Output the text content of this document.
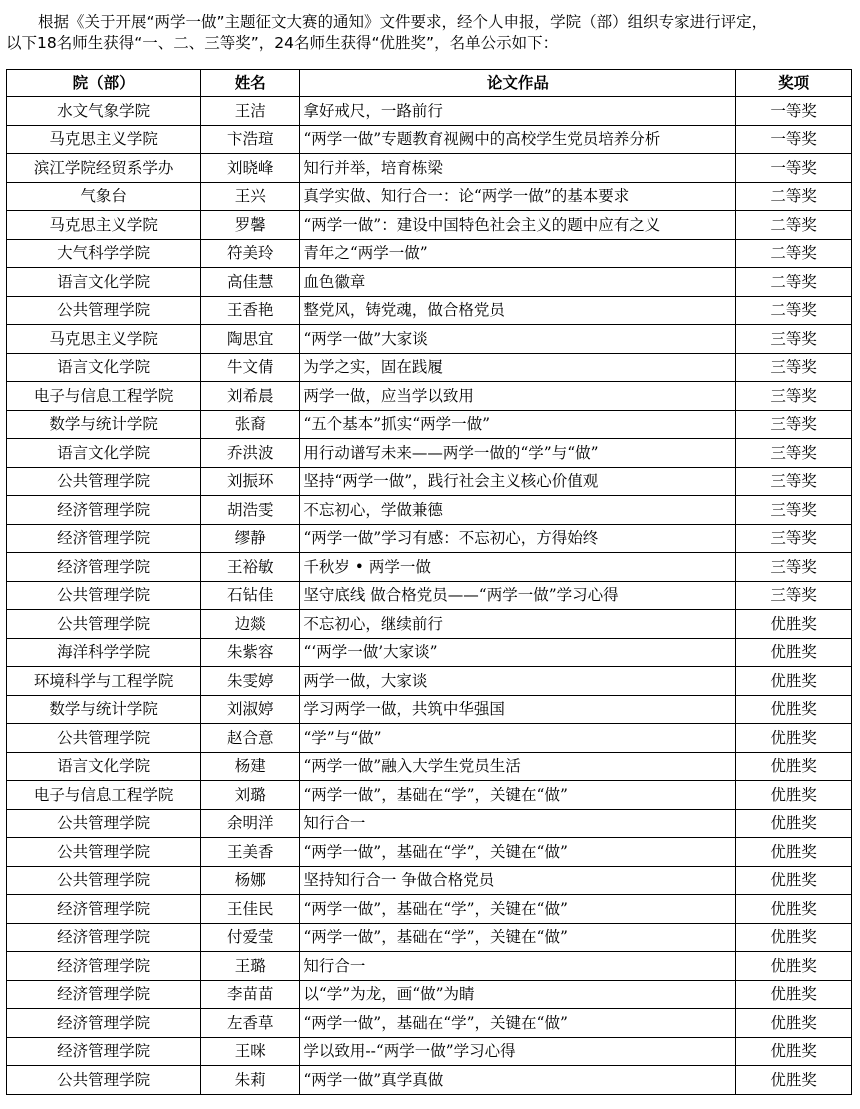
根据《关于开展“两学一做”主题征文大赛的通知》文件要求，经个人申报，学院（部）组织专家进行评定，

以下18名师生获得“一、二、三等奖”，24名师生获得“优胜奖”，名单公示如下：

院（部）	姓名	论文作品	奖项
水文气象学院	王洁	拿好戒尺，一路前行	一等奖
马克思主义学院	卞浩瑄	“两学一做”专题教育视阙中的高校学生党员培养分析	一等奖
滨江学院经贸系学办	刘晓峰	知行并举，培育栋梁	一等奖
气象台	王兴	真学实做、知行合一：论“两学一做”的基本要求	二等奖
马克思主义学院	罗馨	“两学一做”：建设中国特色社会主义的题中应有之义	二等奖
大气科学学院	符美玲	青年之“两学一做”	二等奖
语言文化学院	高佳慧	血色徽章	二等奖
公共管理学院	王香艳	整党风，铸党魂，做合格党员	二等奖
马克思主义学院	陶思宜	“两学一做”大家谈	三等奖
语言文化学院	牛文倩	为学之实，固在践履	三等奖
电子与信息工程学院	刘希晨	两学一做，应当学以致用	三等奖
数学与统计学院	张裔	“五个基本”抓实“两学一做”	三等奖
语言文化学院	乔洪波	用行动谱写未来——两学一做的“学”与“做”	三等奖
公共管理学院	刘振环	坚持“两学一做”，践行社会主义核心价值观	三等奖
经济管理学院	胡浩雯	不忘初心，学做兼德	三等奖
经济管理学院	缪静	“两学一做”学习有感：不忘初心，方得始终	三等奖
经济管理学院	王裕敏	千秋岁 • 两学一做	三等奖
公共管理学院	石钻佳	坚守底线 做合格党员——“两学一做”学习心得	三等奖
公共管理学院	边燚	不忘初心，继续前行	优胜奖
海洋科学学院	朱紫容	“‘两学一做’大家谈”	优胜奖
环境科学与工程学院	朱雯婷	两学一做，大家谈	优胜奖
数学与统计学院	刘淑婷	学习两学一做，共筑中华强国	优胜奖
公共管理学院	赵合意	“学”与“做”	优胜奖
语言文化学院	杨建	“两学一做”融入大学生党员生活	优胜奖
电子与信息工程学院	刘璐	“两学一做”，基础在“学”，关键在“做”	优胜奖
公共管理学院	余明洋	知行合一	优胜奖
公共管理学院	王美香	“两学一做”，基础在“学”，关键在“做”	优胜奖
公共管理学院	杨娜	坚持知行合一 争做合格党员	优胜奖
经济管理学院	王佳民	“两学一做”，基础在“学”，关键在“做”	优胜奖
经济管理学院	付爱莹	“两学一做”，基础在“学”，关键在“做”	优胜奖
经济管理学院	王璐	知行合一	优胜奖
经济管理学院	李苗苗	以“学”为龙，画“做”为睛	优胜奖
经济管理学院	左香草	“两学一做”，基础在“学”，关键在“做”	优胜奖
经济管理学院	王咪	学以致用--“两学一做”学习心得	优胜奖
公共管理学院	朱莉	“两学一做”真学真做	优胜奖
